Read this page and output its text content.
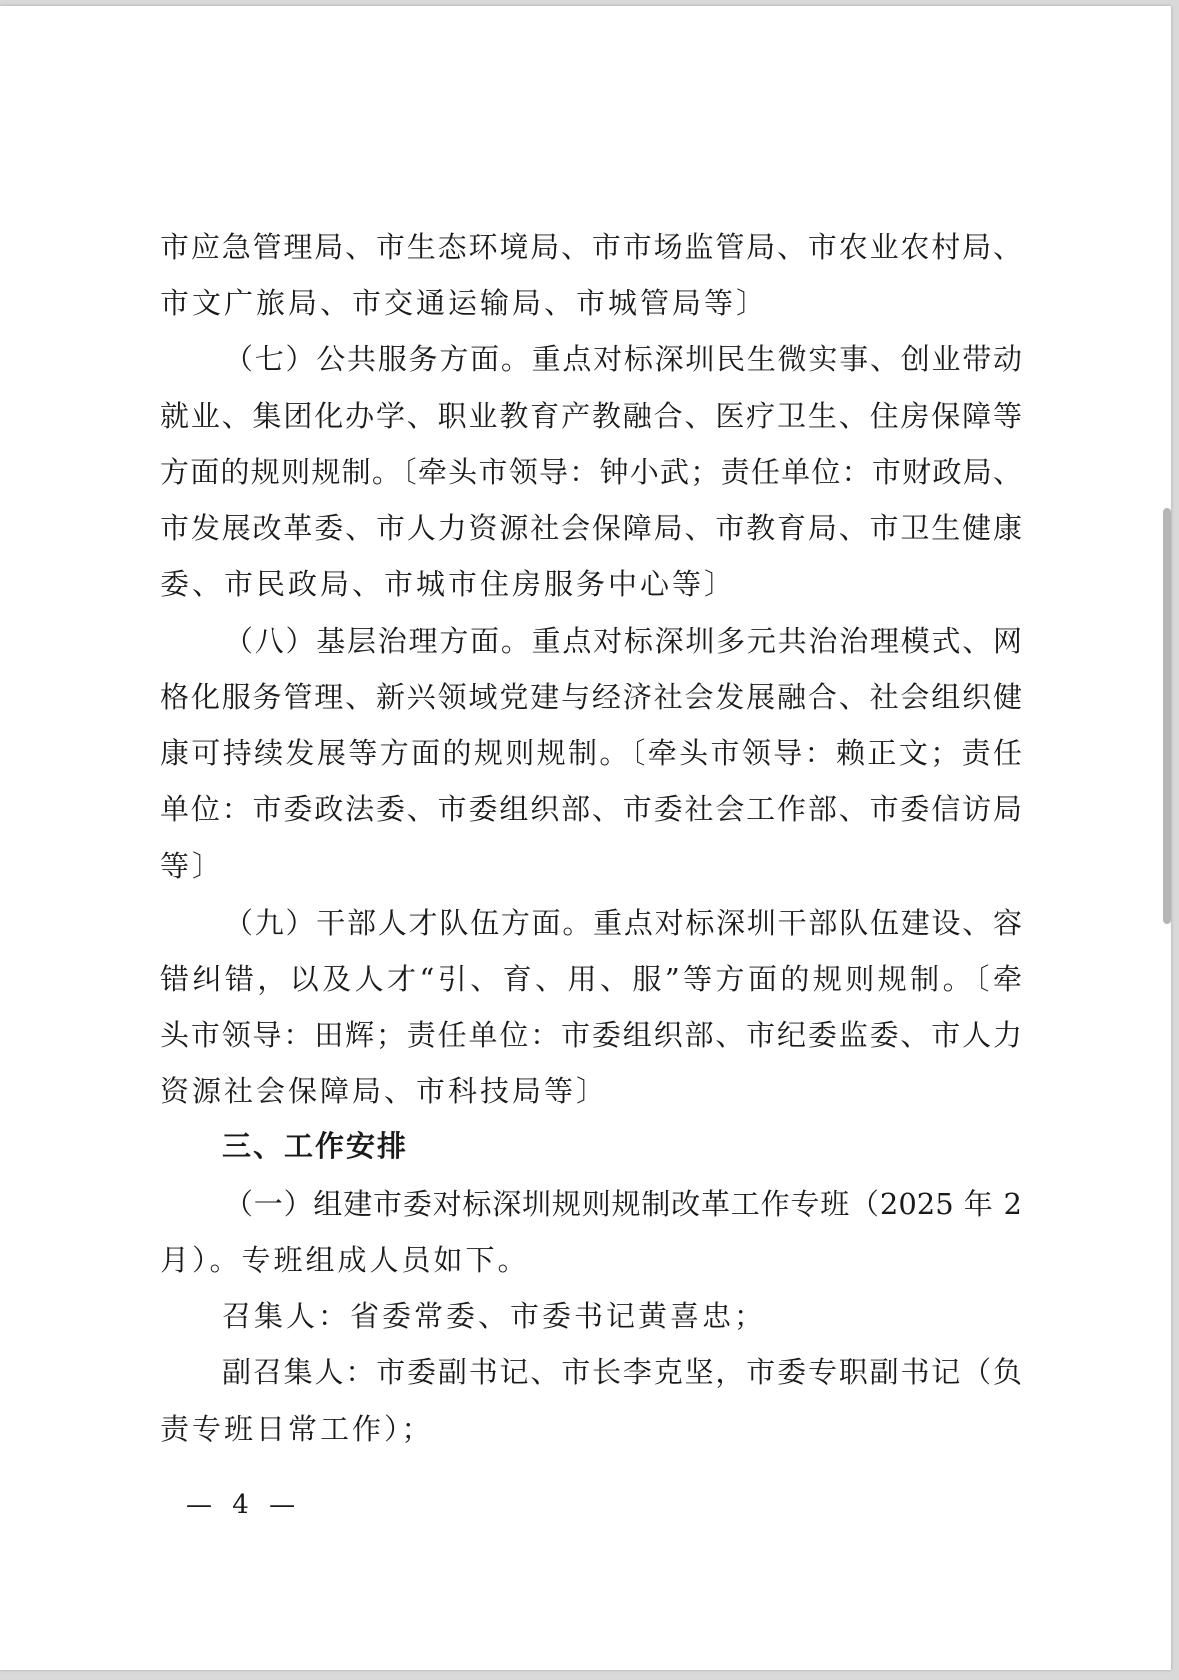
市应急管理局、市生态环境局、市市场监管局、市农业农村局、
市文广旅局、市交通运输局、市城管局等〕
（七）公共服务方面。重点对标深圳民生微实事、创业带动
就业、集团化办学、职业教育产教融合、医疗卫生、住房保障等
方面的规则规制。〔牵头市领导：钟小武；责任单位：市财政局、
市发展改革委、市人力资源社会保障局、市教育局、市卫生健康
委、市民政局、市城市住房服务中心等〕
（八）基层治理方面。重点对标深圳多元共治治理模式、网
格化服务管理、新兴领域党建与经济社会发展融合、社会组织健
康可持续发展等方面的规则规制。〔牵头市领导：赖正文；责任
单位：市委政法委、市委组织部、市委社会工作部、市委信访局
等〕
（九）干部人才队伍方面。重点对标深圳干部队伍建设、容
错纠错，以及人才“引、育、用、服”等方面的规则规制。〔牵
头市领导：田辉；责任单位：市委组织部、市纪委监委、市人力
资源社会保障局、市科技局等〕
三、工作安排
（一）组建市委对标深圳规则规制改革工作专班（2025 年 2
月）。专班组成人员如下。
召集人：省委常委、市委书记黄喜忠；
副召集人：市委副书记、市长李克坚，市委专职副书记（负
责专班日常工作）；
— 4 —
